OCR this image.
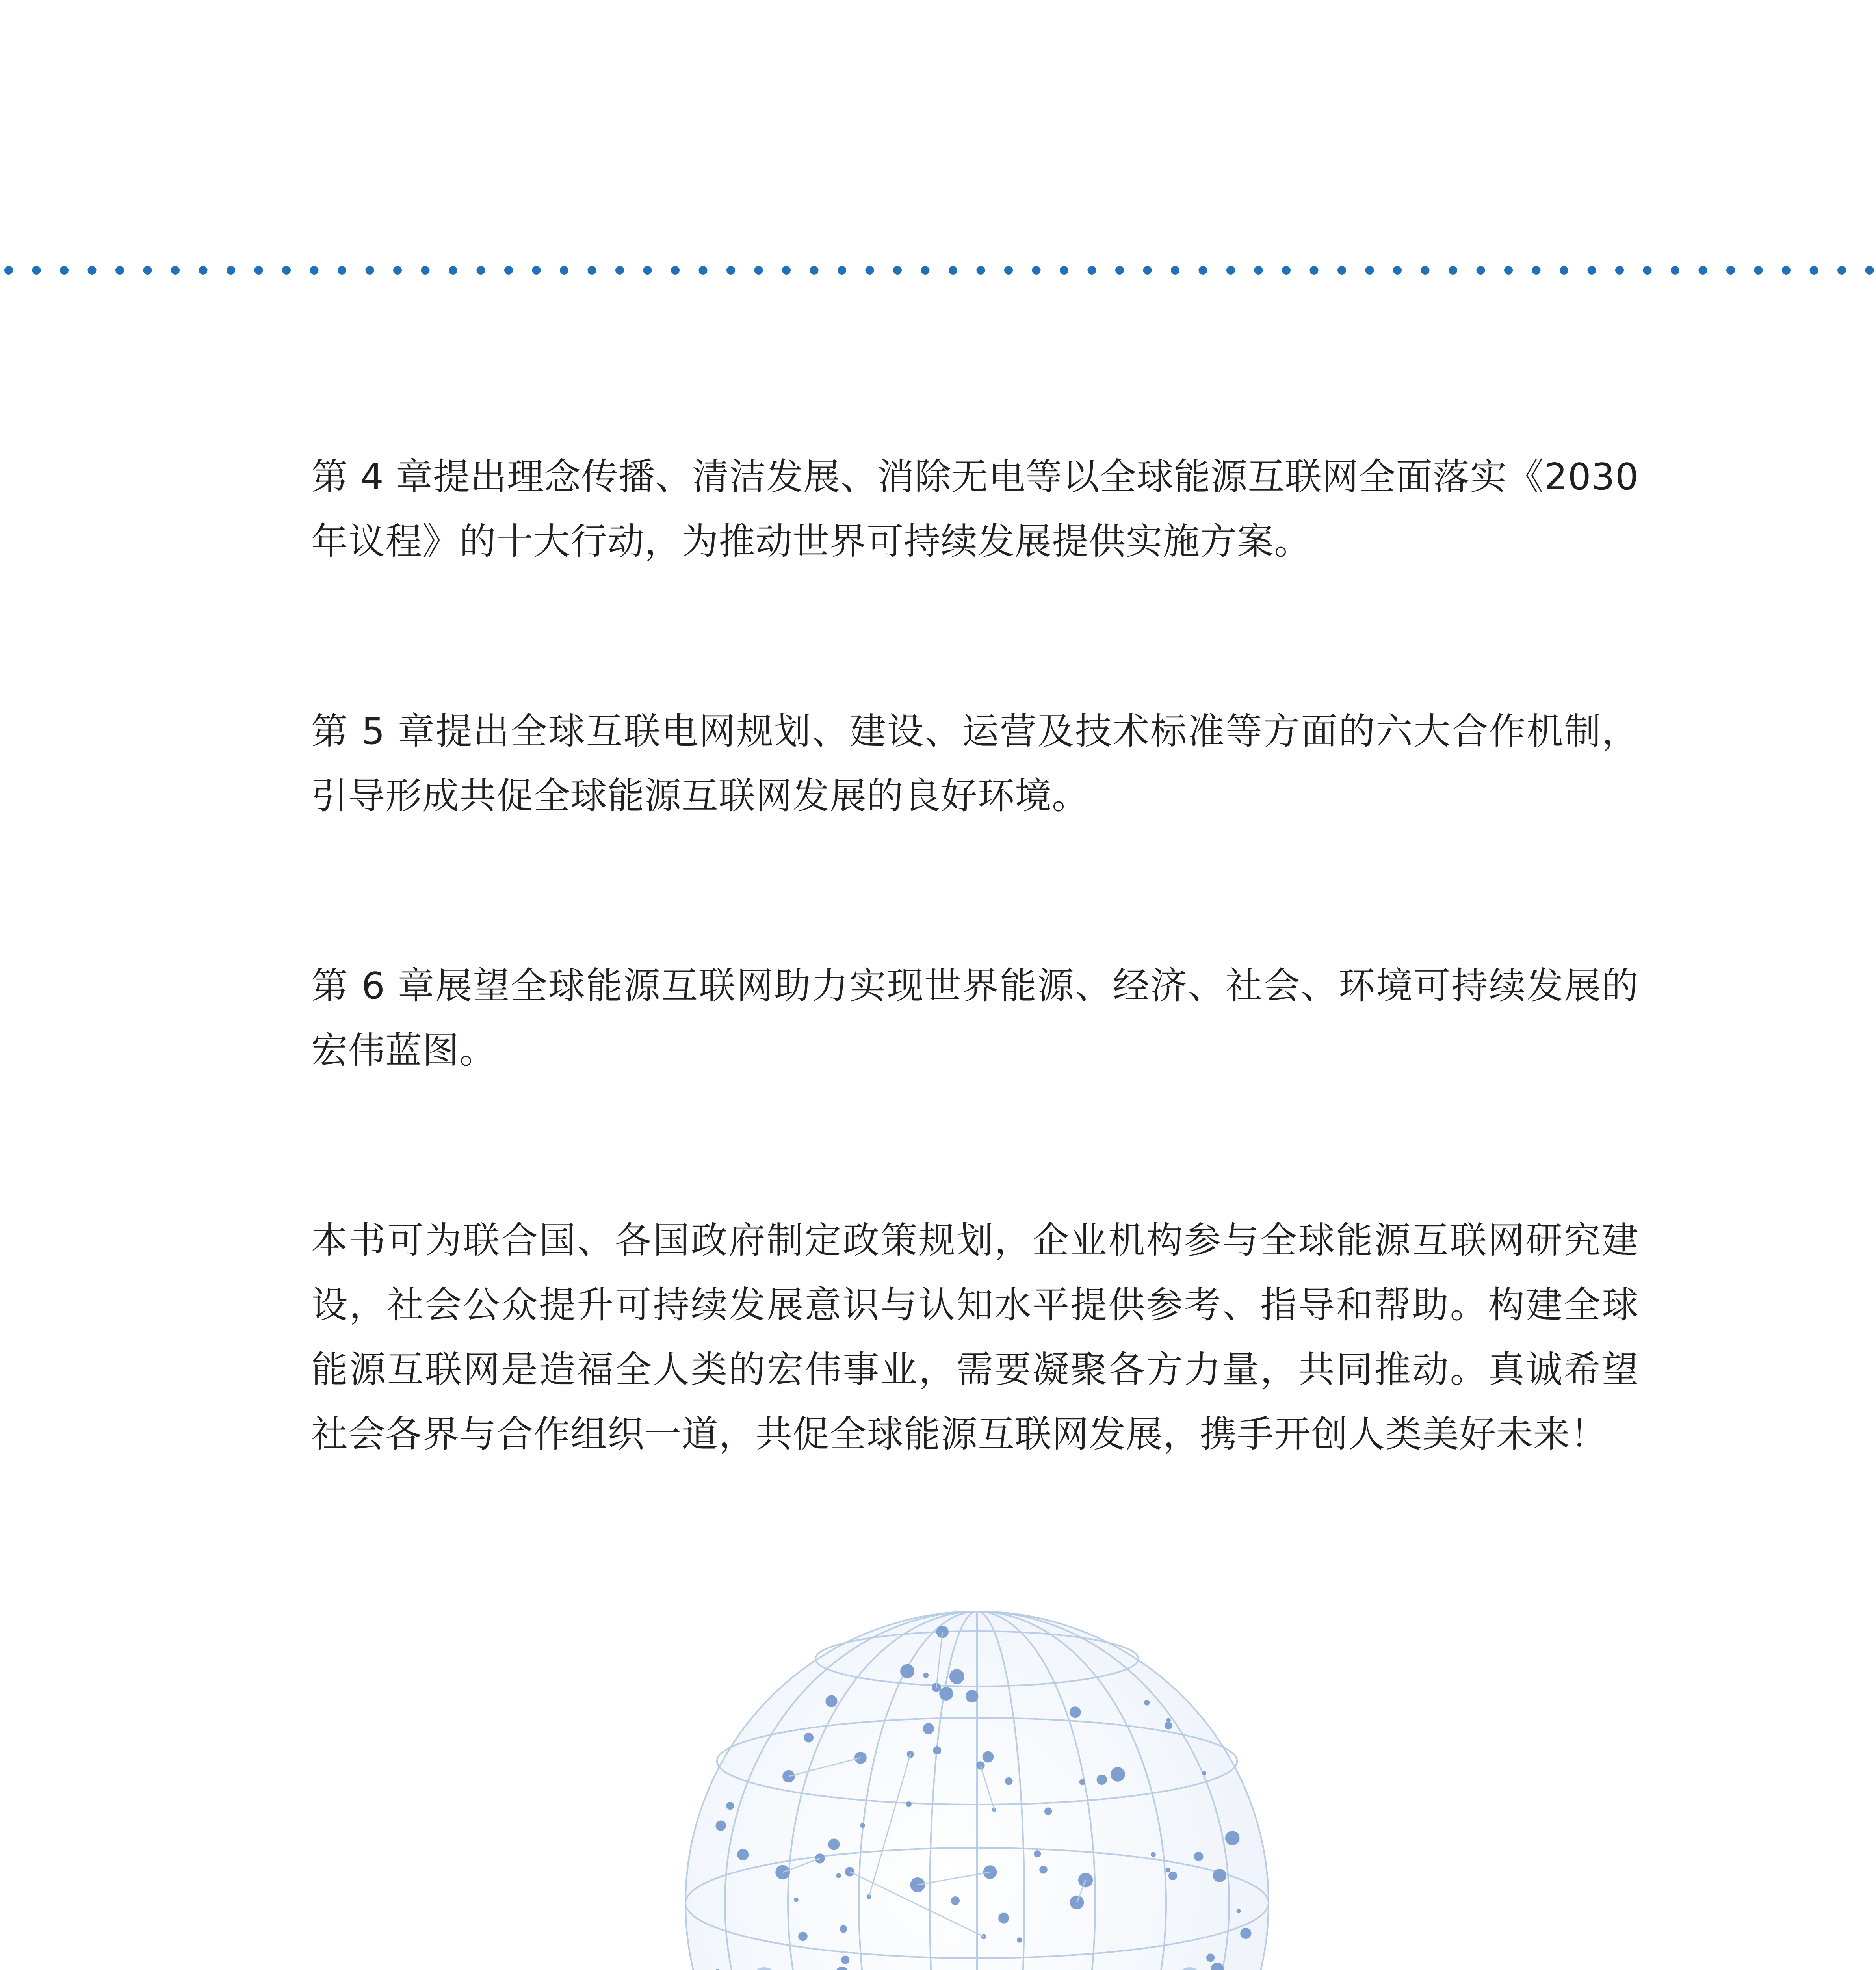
第 4 章提出理念传播、清洁发展、消除无电等以全球能源互联网全面落实《2030 年议程》的十大行动，为推动世界可持续发展提供实施方案。

第 5 章提出全球互联电网规划、建设、运营及技术标准等方面的六大合作机制，引导形成共促全球能源互联网发展的良好环境。

第 6 章展望全球能源互联网助力实现世界能源、经济、社会、环境可持续发展的宏伟蓝图。

本书可为联合国、各国政府制定政策规划，企业机构参与全球能源互联网研究建设，社会公众提升可持续发展意识与认知水平提供参考、指导和帮助。构建全球能源互联网是造福全人类的宏伟事业，需要凝聚各方力量，共同推动。真诚希望社会各界与合作组织一道，共促全球能源互联网发展，携手开创人类美好未来！
